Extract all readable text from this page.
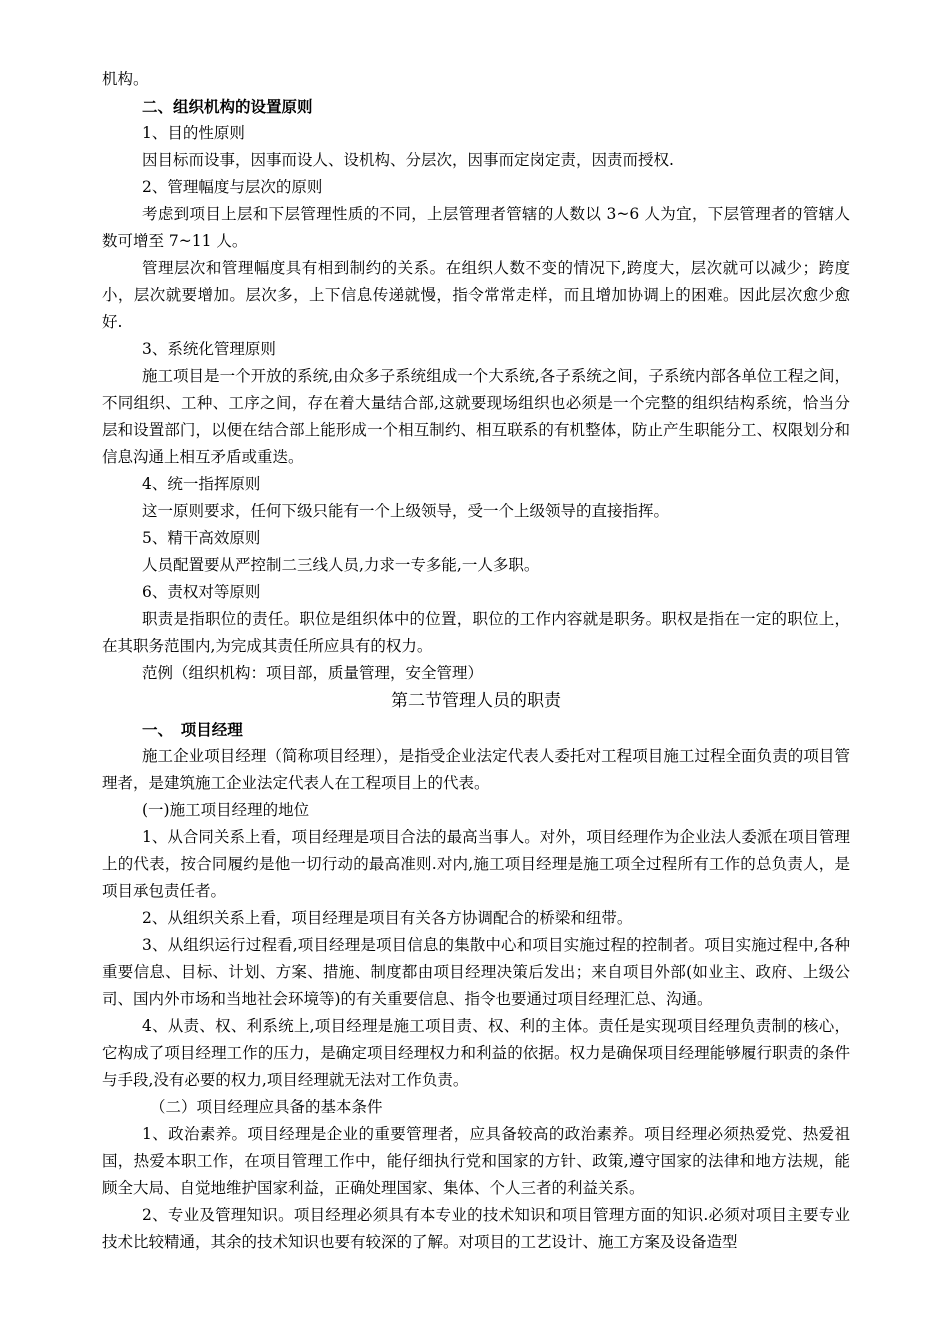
机构。

二、组织机构的设置原则

1、目的性原则

因目标而设事，因事而设人、设机构、分层次，因事而定岗定责，因责而授权.

2、管理幅度与层次的原则

考虑到项目上层和下层管理性质的不同，上层管理者管辖的人数以 3~6 人为宜，下层管理者的管辖人数可增至 7~11 人。

管理层次和管理幅度具有相到制约的关系。在组织人数不变的情况下,跨度大，层次就可以减少；跨度小，层次就要增加。层次多，上下信息传递就慢，指令常常走样，而且增加协调上的困难。因此层次愈少愈好.

3、系统化管理原则

施工项目是一个开放的系统,由众多子系统组成一个大系统,各子系统之间，子系统内部各单位工程之间，不同组织、工种、工序之间，存在着大量结合部,这就要现场组织也必须是一个完整的组织结构系统，恰当分层和设置部门，以便在结合部上能形成一个相互制约、相互联系的有机整体，防止产生职能分工、权限划分和信息沟通上相互矛盾或重迭。

4、统一指挥原则

这一原则要求，任何下级只能有一个上级领导，受一个上级领导的直接指挥。

5、精干高效原则

人员配置要从严控制二三线人员,力求一专多能,一人多职。

6、责权对等原则

职责是指职位的责任。职位是组织体中的位置，职位的工作内容就是职务。职权是指在一定的职位上，在其职务范围内,为完成其责任所应具有的权力。

范例（组织机构：项目部，质量管理，安全管理）

第二节管理人员的职责

一、　项目经理

施工企业项目经理（简称项目经理），是指受企业法定代表人委托对工程项目施工过程全面负责的项目管理者，是建筑施工企业法定代表人在工程项目上的代表。

(一)施工项目经理的地位

1、从合同关系上看，项目经理是项目合法的最高当事人。对外，项目经理作为企业法人委派在项目管理上的代表，按合同履约是他一切行动的最高准则.对内,施工项目经理是施工项全过程所有工作的总负责人，是项目承包责任者。

2、从组织关系上看，项目经理是项目有关各方协调配合的桥梁和纽带。

3、从组织运行过程看,项目经理是项目信息的集散中心和项目实施过程的控制者。项目实施过程中,各种重要信息、目标、计划、方案、措施、制度都由项目经理决策后发出；来自项目外部(如业主、政府、上级公司、国内外市场和当地社会环境等)的有关重要信息、指令也要通过项目经理汇总、沟通。

4、从责、权、利系统上,项目经理是施工项目责、权、利的主体。责任是实现项目经理负责制的核心，它构成了项目经理工作的压力，是确定项目经理权力和利益的依据。权力是确保项目经理能够履行职责的条件与手段,没有必要的权力,项目经理就无法对工作负责。

（二）项目经理应具备的基本条件

1、政治素养。项目经理是企业的重要管理者，应具备较高的政治素养。项目经理必须热爱党、热爱祖国，热爱本职工作，在项目管理工作中，能仔细执行党和国家的方针、政策,遵守国家的法律和地方法规，能顾全大局、自觉地维护国家利益，正确处理国家、集体、个人三者的利益关系。

2、专业及管理知识。项目经理必须具有本专业的技术知识和项目管理方面的知识.必须对项目主要专业技术比较精通，其余的技术知识也要有较深的了解。对项目的工艺设计、施工方案及设备造型
